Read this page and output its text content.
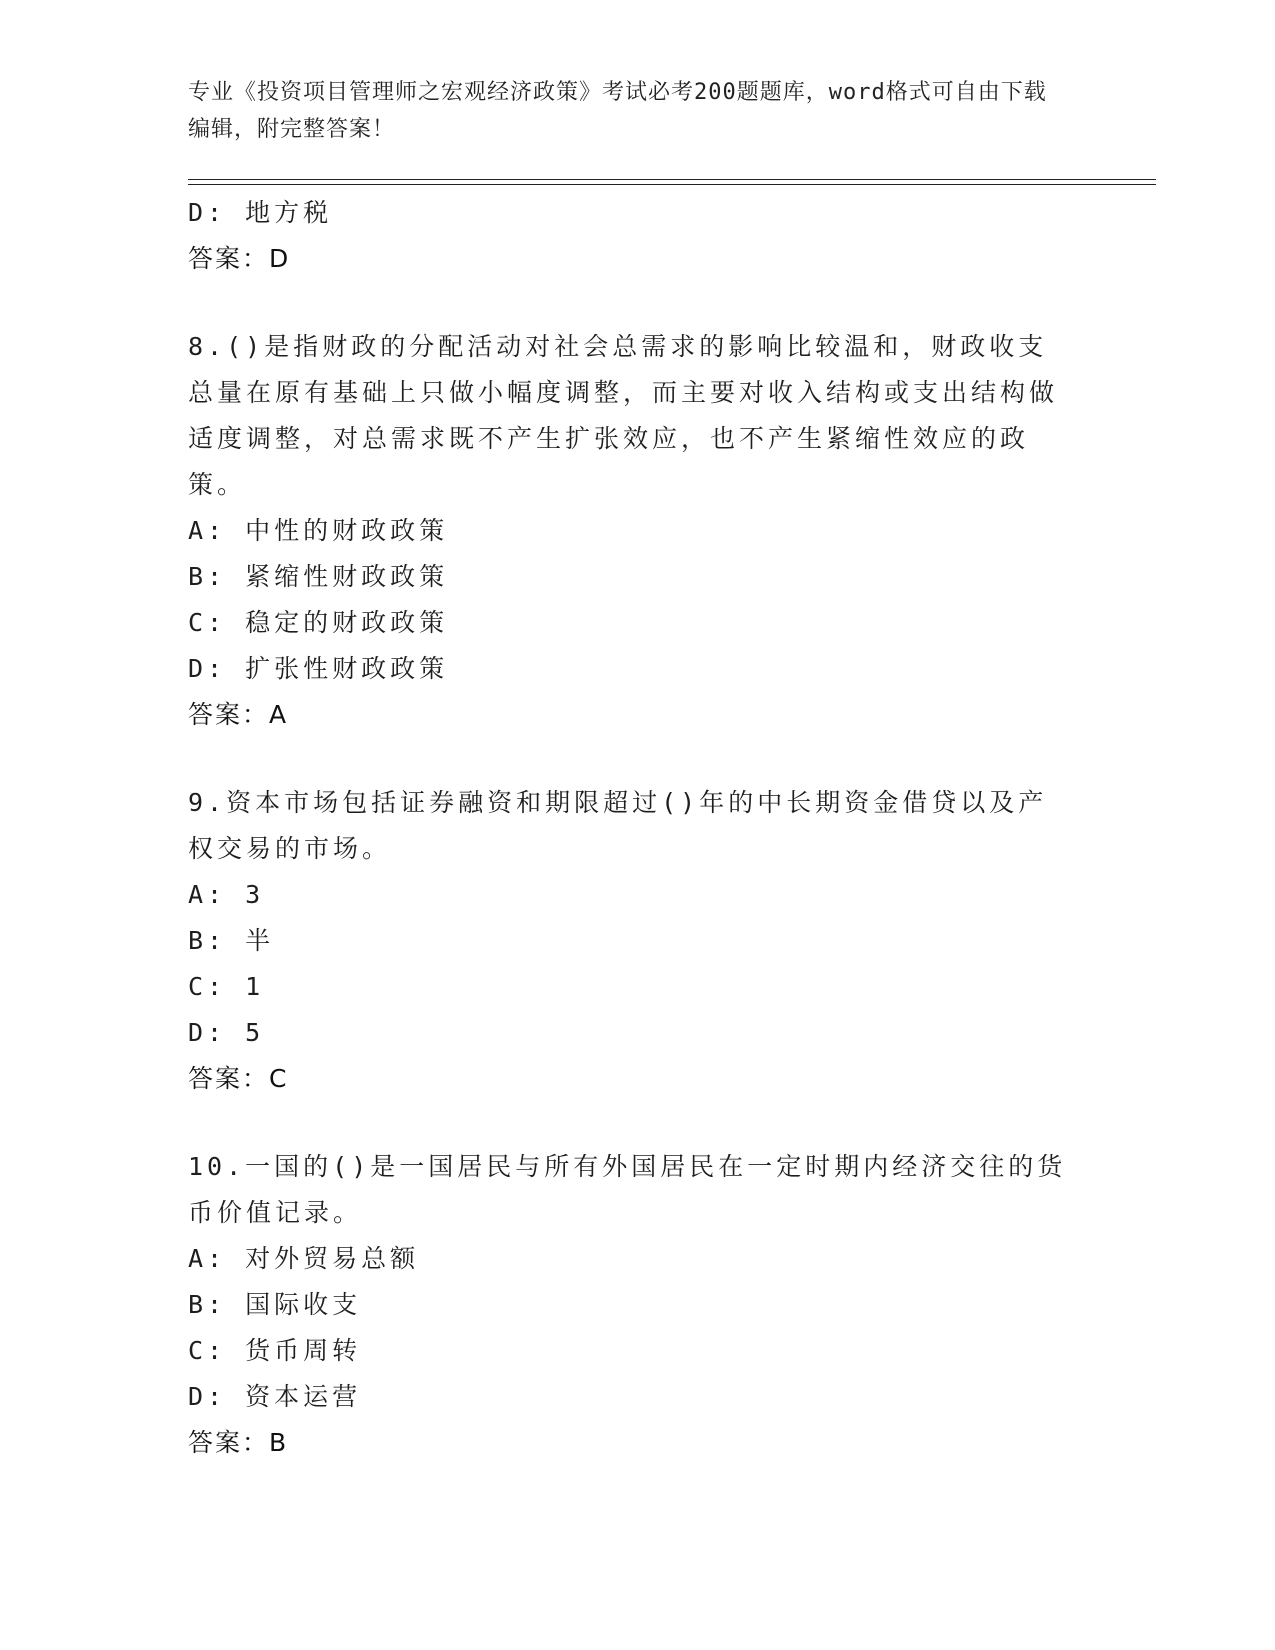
专业《投资项目管理师之宏观经济政策》考试必考200题题库，word格式可自由下载编辑，附完整答案！
D: 地方税
答案：D
8.()是指财政的分配活动对社会总需求的影响比较温和，财政收支总量在原有基础上只做小幅度调整，而主要对收入结构或支出结构做适度调整，对总需求既不产生扩张效应，也不产生紧缩性效应的政策。
A: 中性的财政政策
B: 紧缩性财政政策
C: 稳定的财政政策
D: 扩张性财政政策
答案：A
9.资本市场包括证券融资和期限超过()年的中长期资金借贷以及产权交易的市场。
A: 3
B: 半
C: 1
D: 5
答案：C
10.一国的()是一国居民与所有外国居民在一定时期内经济交往的货币价值记录。
A: 对外贸易总额
B: 国际收支
C: 货币周转
D: 资本运营
答案：B
